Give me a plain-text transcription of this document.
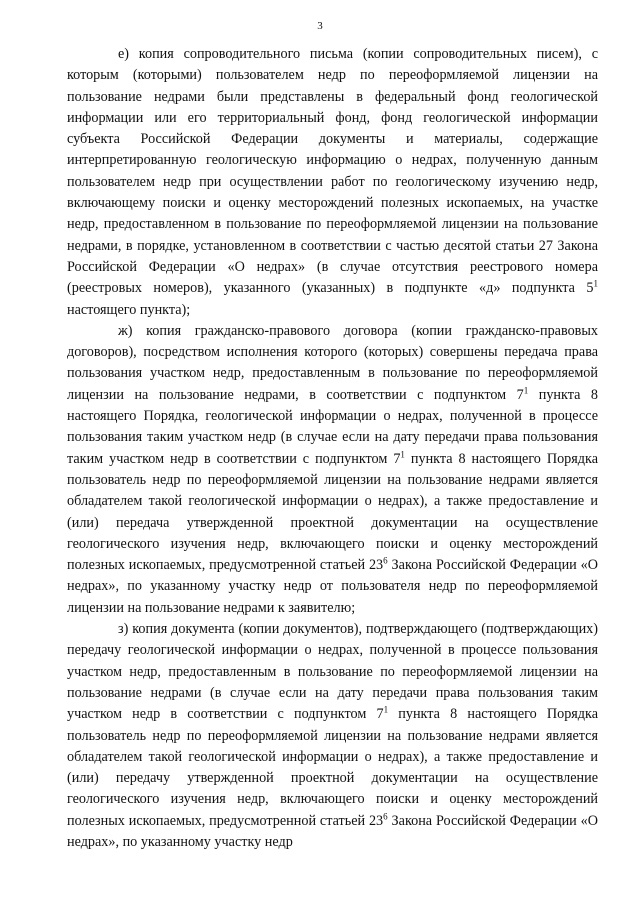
3

е) копия сопроводительного письма (копии сопроводительных писем), с которым (которыми) пользователем недр по переоформляемой лицензии на пользование недрами были представлены в федеральный фонд геологической информации или его территориальный фонд, фонд геологической информации субъекта Российской Федерации документы и материалы, содержащие интерпретированную геологическую информацию о недрах, полученную данным пользователем недр при осуществлении работ по геологическому изучению недр, включающему поиски и оценку месторождений полезных ископаемых, на участке недр, предоставленном в пользование по переоформляемой лицензии на пользование недрами, в порядке, установленном в соответствии с частью десятой статьи 27 Закона Российской Федерации «О недрах» (в случае отсутствия реестрового номера (реестровых номеров), указанного (указанных) в подпункте «д» подпункта $5^1$ настоящего пункта);

ж) копия гражданско-правового договора (копии гражданско-правовых договоров), посредством исполнения которого (которых) совершены передача права пользования участком недр, предоставленным в пользование по переоформляемой лицензии на пользование недрами, в соответствии с подпунктом $7^1$ пункта 8 настоящего Порядка, геологической информации о недрах, полученной в процессе пользования таким участком недр (в случае если на дату передачи права пользования таким участком недр в соответствии с подпунктом $7^1$ пункта 8 настоящего Порядка пользователь недр по переоформляемой лицензии на пользование недрами является обладателем такой геологической информации о недрах), а также предоставление и (или) передача утвержденной проектной документации на осуществление геологического изучения недр, включающего поиски и оценку месторождений полезных ископаемых, предусмотренной статьей $23^6$ Закона Российской Федерации «О недрах», по указанному участку недр от пользователя недр по переоформляемой лицензии на пользование недрами к заявителю;

з) копия документа (копии документов), подтверждающего (подтверждающих) передачу геологической информации о недрах, полученной в процессе пользования участком недр, предоставленным в пользование по переоформляемой лицензии на пользование недрами (в случае если на дату передачи права пользования таким участком недр в соответствии с подпунктом $7^1$ пункта 8 настоящего Порядка пользователь недр по переоформляемой лицензии на пользование недрами является обладателем такой геологической информации о недрах), а также предоставление и (или) передачу утвержденной проектной документации на осуществление геологического изучения недр, включающего поиски и оценку месторождений полезных ископаемых, предусмотренной статьей $23^6$ Закона Российской Федерации «О недрах», по указанному участку недр
